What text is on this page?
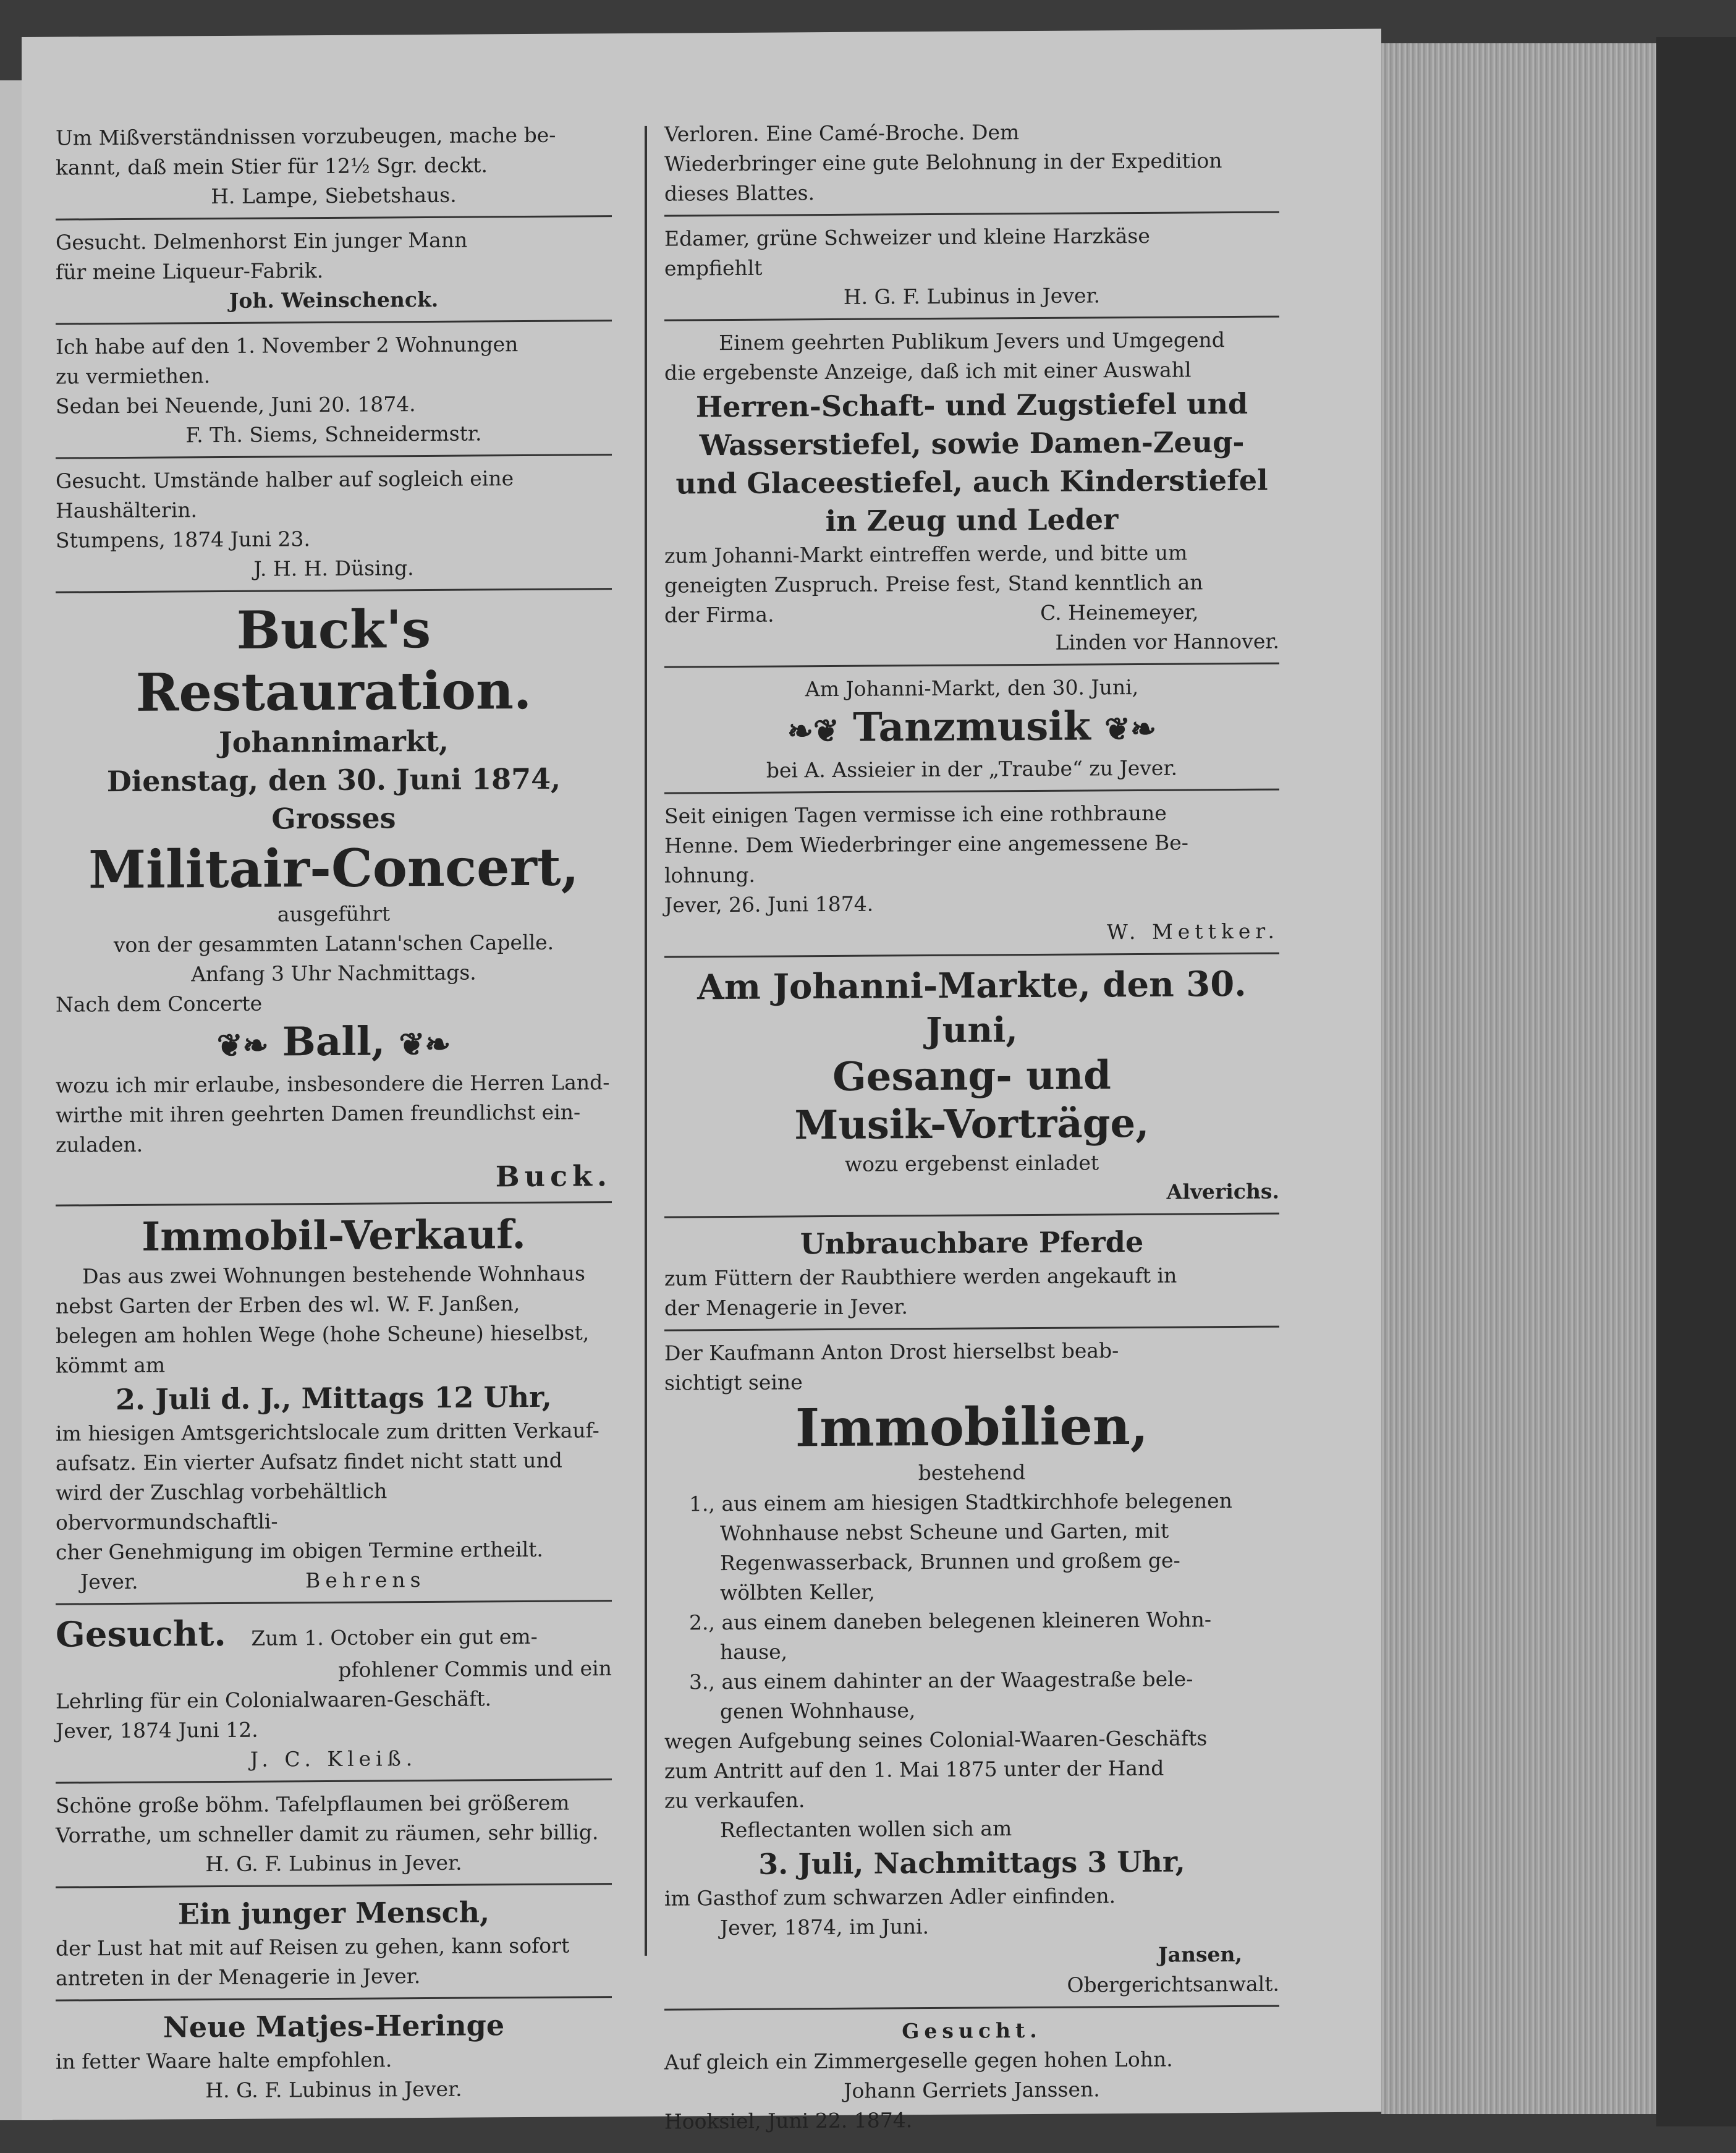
Um Mißverständnissen vorzubeugen, mache be-

kannt, daß mein Stier für 12½ Sgr. deckt.

H. Lampe, Siebetshaus.

Gesucht. Delmenhorst Ein junger Mann

für meine Liqueur-Fabrik.

Joh. Weinschenck.

Ich habe auf den 1. November 2 Wohnungen

zu vermiethen.

Sedan bei Neuende, Juni 20. 1874.

F. Th. Siems, Schneidermstr.

Gesucht. Umstände halber auf sogleich eine

Haushälterin.

Stumpens, 1874 Juni 23.

J. H. H. Düsing.

Buck's Restauration.

Johannimarkt,

Dienstag, den 30. Juni 1874,

Grosses

Militair-Concert,

ausgeführt

von der gesammten Latann'schen Capelle.

Anfang 3 Uhr Nachmittags.

Nach dem Concerte

❦❧ Ball, ❦❧

wozu ich mir erlaube, insbesondere die Herren Land-

wirthe mit ihren geehrten Damen freundlichst ein-

zuladen.

Buck.

Immobil-Verkauf.

Das aus zwei Wohnungen bestehende Wohnhaus

nebst Garten der Erben des wl. W. F. Janßen,

belegen am hohlen Wege (hohe Scheune) hieselbst,

kömmt am

2. Juli d. J., Mittags 12 Uhr,

im hiesigen Amtsgerichtslocale zum dritten Verkauf-

aufsatz. Ein vierter Aufsatz findet nicht statt und

wird der Zuschlag vorbehältlich obervormundschaftli-

cher Genehmigung im obigen Termine ertheilt.

Jever.	Behrens

Gesucht. Zum 1. October ein gut em-

pfohlener Commis und ein

Lehrling für ein Colonialwaaren-Geschäft.

Jever, 1874 Juni 12.

J. C. Kleiß.

Schöne große böhm. Tafelpflaumen bei größerem

Vorrathe, um schneller damit zu räumen, sehr billig.

H. G. F. Lubinus in Jever.

Ein junger Mensch,

der Lust hat mit auf Reisen zu gehen, kann sofort

antreten in der Menagerie in Jever.

Neue Matjes-Heringe

in fetter Waare halte empfohlen.

H. G. F. Lubinus in Jever.

Verloren. Eine Camé-Broche. Dem

Wiederbringer eine gute Belohnung in der Expedition

dieses Blattes.

Edamer, grüne Schweizer und kleine Harzkäse

empfiehlt

H. G. F. Lubinus in Jever.

Einem geehrten Publikum Jevers und Umgegend

die ergebenste Anzeige, daß ich mit einer Auswahl

Herren-Schaft- und Zugstiefel und

Wasserstiefel, sowie Damen-Zeug-

und Glaceestiefel, auch Kinderstiefel

in Zeug und Leder

zum Johanni-Markt eintreffen werde, und bitte um

geneigten Zuspruch. Preise fest, Stand kenntlich an

der Firma.	C. Heinemeyer,

Linden vor Hannover.

Am Johanni-Markt, den 30. Juni,

❧❦ Tanzmusik ❦❧

bei A. Assieier in der „Traube“ zu Jever.

Seit einigen Tagen vermisse ich eine rothbraune

Henne. Dem Wiederbringer eine angemessene Be-

lohnung.

Jever, 26. Juni 1874.

W. Mettker.

Am Johanni-Markte, den 30. Juni,

Gesang- und

Musik-Vorträge,

wozu ergebenst einladet

Alverichs.

Unbrauchbare Pferde

zum Füttern der Raubthiere werden angekauft in

der Menagerie in Jever.

Der Kaufmann Anton Drost hierselbst beab-

sichtigt seine

Immobilien,

bestehend

1., aus einem am hiesigen Stadtkirchhofe belegenen

Wohnhause nebst Scheune und Garten, mit

Regenwasserback, Brunnen und großem ge-

wölbten Keller,

2., aus einem daneben belegenen kleineren Wohn-

hause,

3., aus einem dahinter an der Waagestraße bele-

genen Wohnhause,

wegen Aufgebung seines Colonial-Waaren-Geschäfts

zum Antritt auf den 1. Mai 1875 unter der Hand

zu verkaufen.

Reflectanten wollen sich am

3. Juli, Nachmittags 3 Uhr,

im Gasthof zum schwarzen Adler einfinden.

Jever, 1874, im Juni.

Jansen,

Obergerichtsanwalt.

Gesucht.

Auf gleich ein Zimmergeselle gegen hohen Lohn.

Johann Gerriets Janssen.

Hooksiel, Juni 22. 1874.
